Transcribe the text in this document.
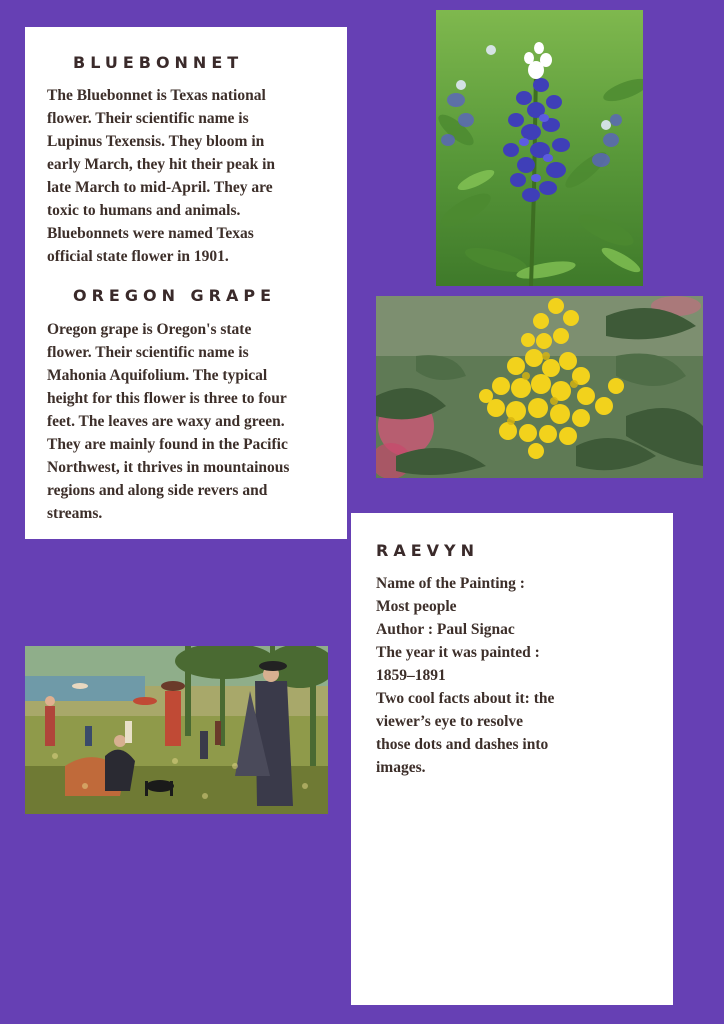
BLUEBONNET
The Bluebonnet is Texas national
flower. Their scientific name is
Lupinus Texensis. They bloom in
early March, they hit their peak in
late March to mid-April. They are
toxic to humans and animals.
Bluebonnets were named Texas
official state flower in 1901.
OREGON GRAPE
Oregon grape is Oregon's state
flower. Their scientific name is
Mahonia Aquifolium. The typical
height for this flower is three to four
feet. The leaves are waxy and green.
They are mainly found in the Pacific
Northwest, it thrives in mountainous
regions and along side revers and
streams.
RAEVYN
Name of the Painting :
Most people
Author : Paul Signac
The year it was painted :
1859–1891
Two cool facts about it: the
viewer’s eye to resolve
those dots and dashes into
images.
